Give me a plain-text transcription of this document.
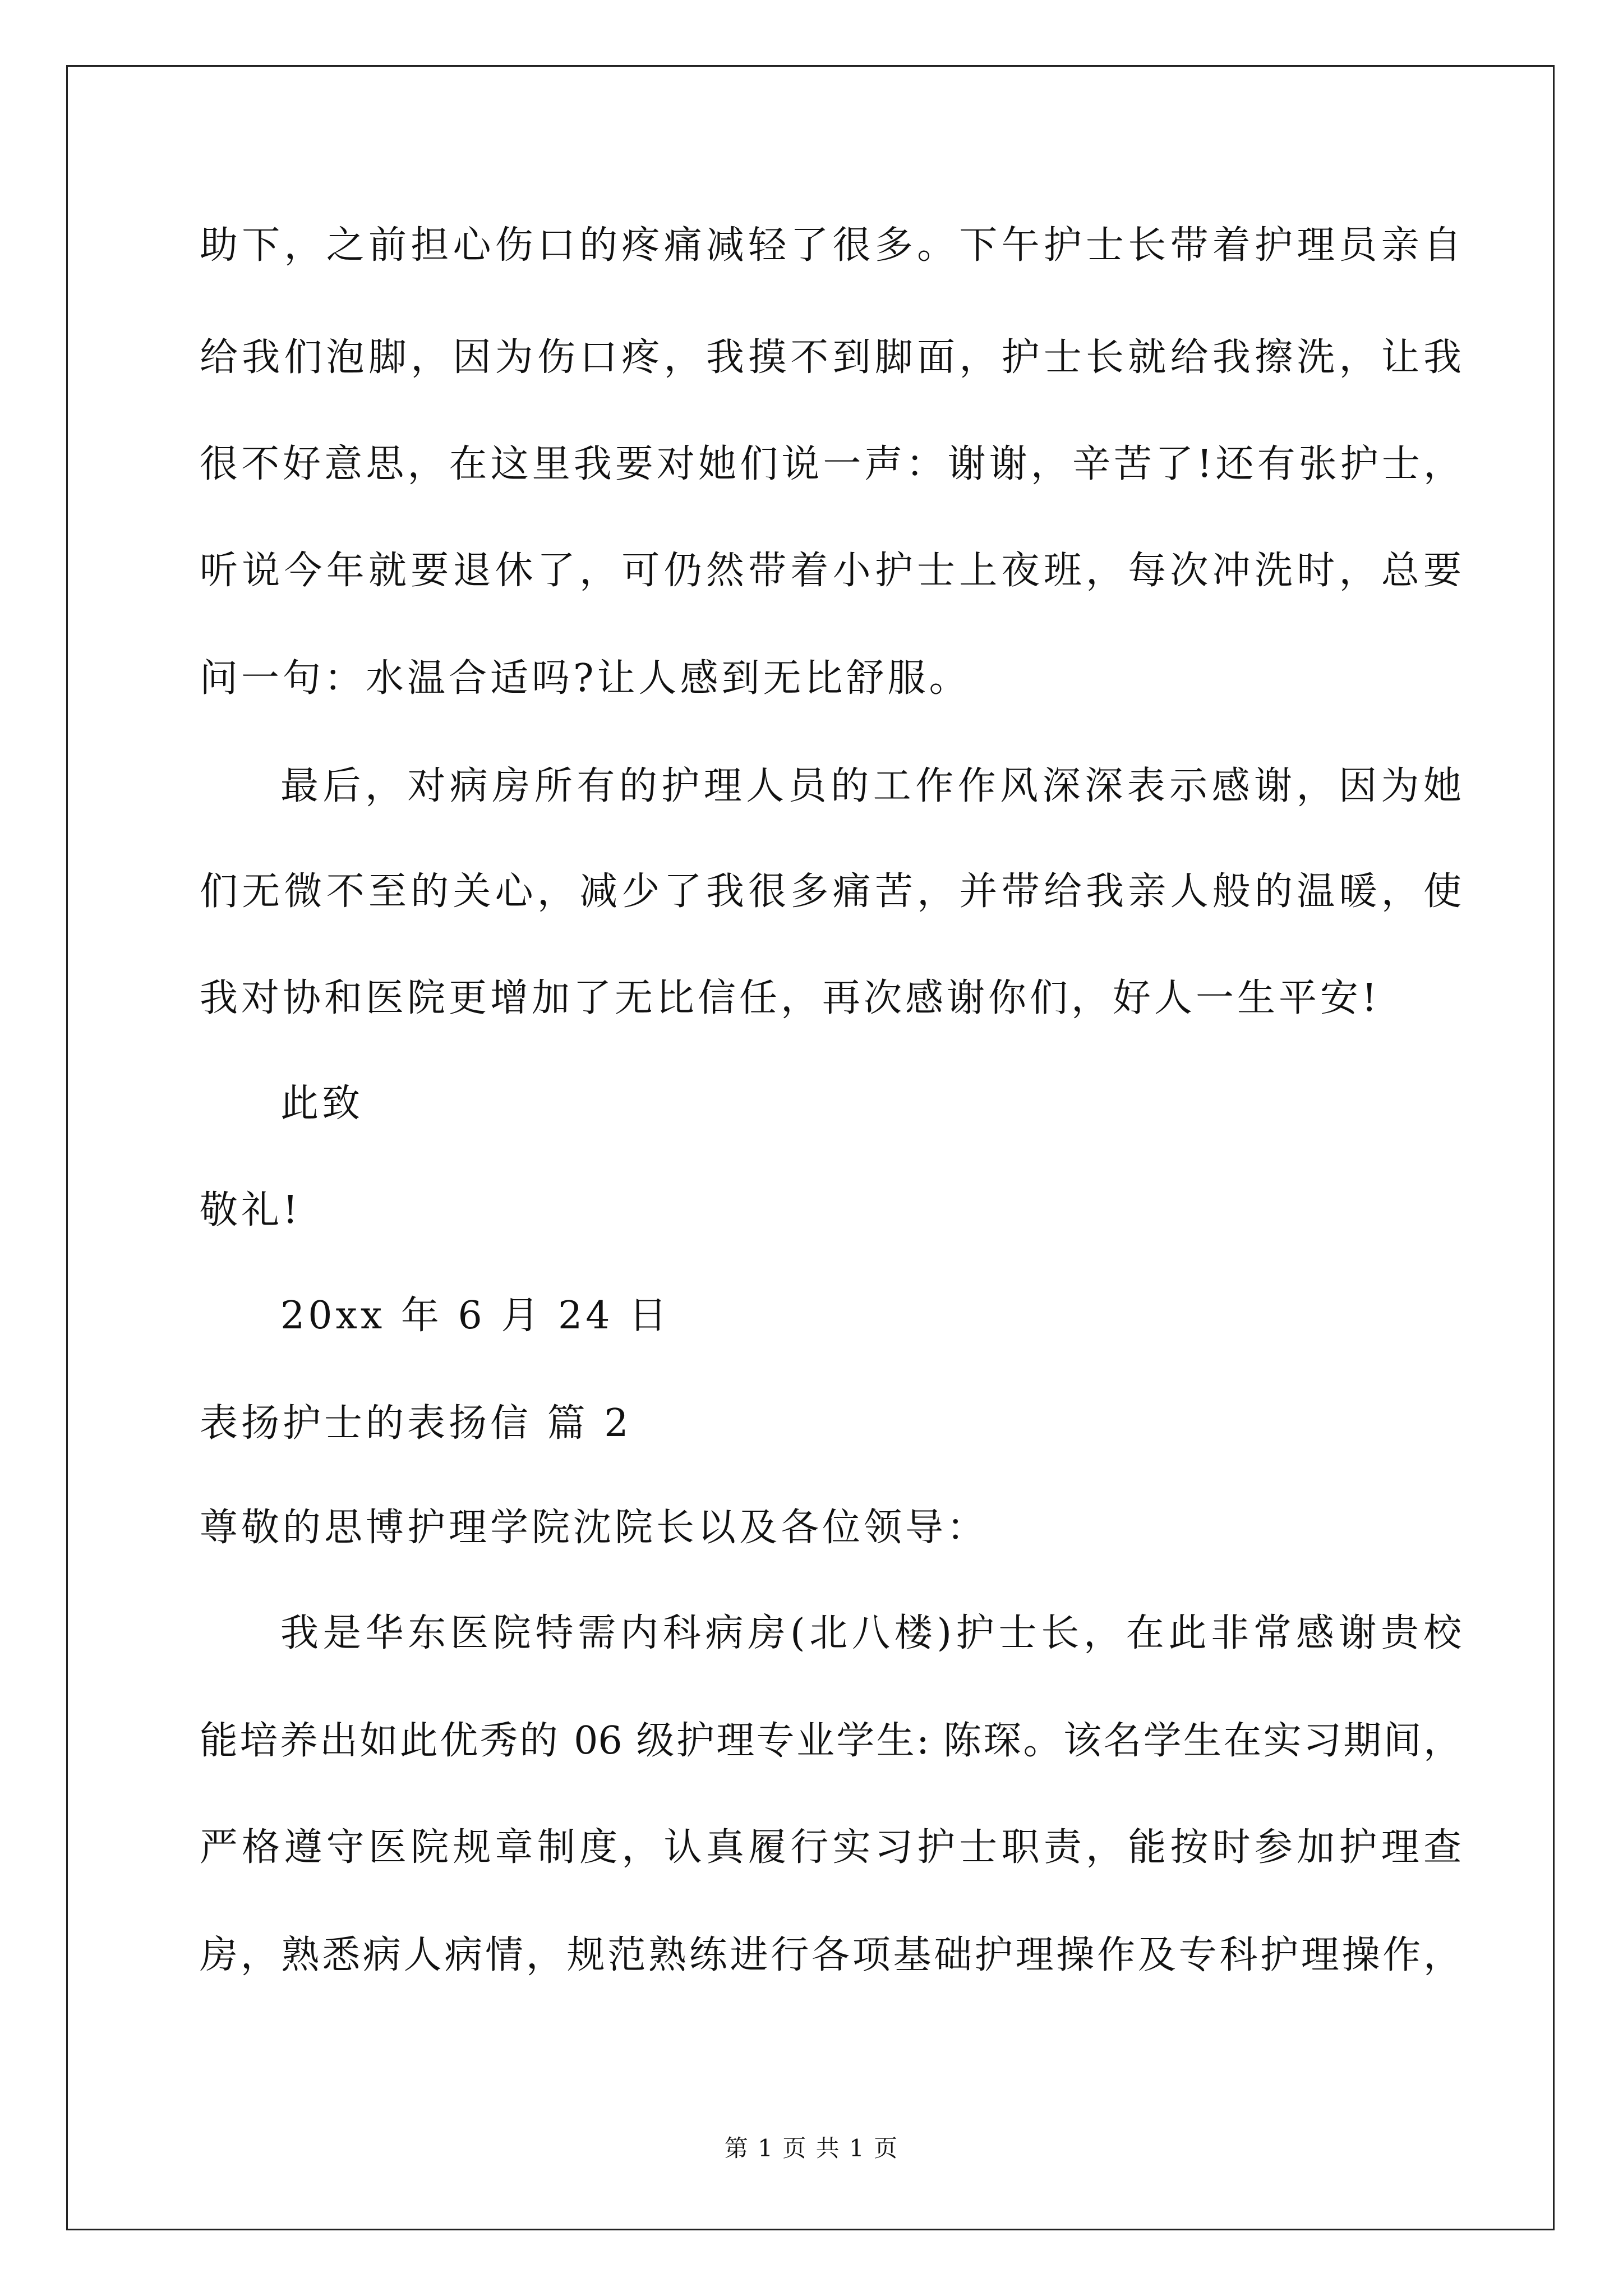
助下，之前担心伤口的疼痛减轻了很多。下午护士长带着护理员亲自
给我们泡脚，因为伤口疼，我摸不到脚面，护士长就给我擦洗，让我
很不好意思，在这里我要对她们说一声：谢谢，辛苦了!还有张护士，
听说今年就要退休了，可仍然带着小护士上夜班，每次冲洗时，总要
问一句：水温合适吗?让人感到无比舒服。
最后，对病房所有的护理人员的工作作风深深表示感谢，因为她
们无微不至的关心，减少了我很多痛苦，并带给我亲人般的温暖，使
我对协和医院更增加了无比信任，再次感谢你们，好人一生平安!
此致
敬礼!
20xx 年 6 月 24 日
表扬护士的表扬信 篇 2
尊敬的思博护理学院沈院长以及各位领导：
我是华东医院特需内科病房(北八楼)护士长，在此非常感谢贵校
能培养出如此优秀的 06 级护理专业学生: 陈琛。该名学生在实习期间，
严格遵守医院规章制度，认真履行实习护士职责，能按时参加护理查
房，熟悉病人病情，规范熟练进行各项基础护理操作及专科护理操作，
第 1 页 共 1 页
